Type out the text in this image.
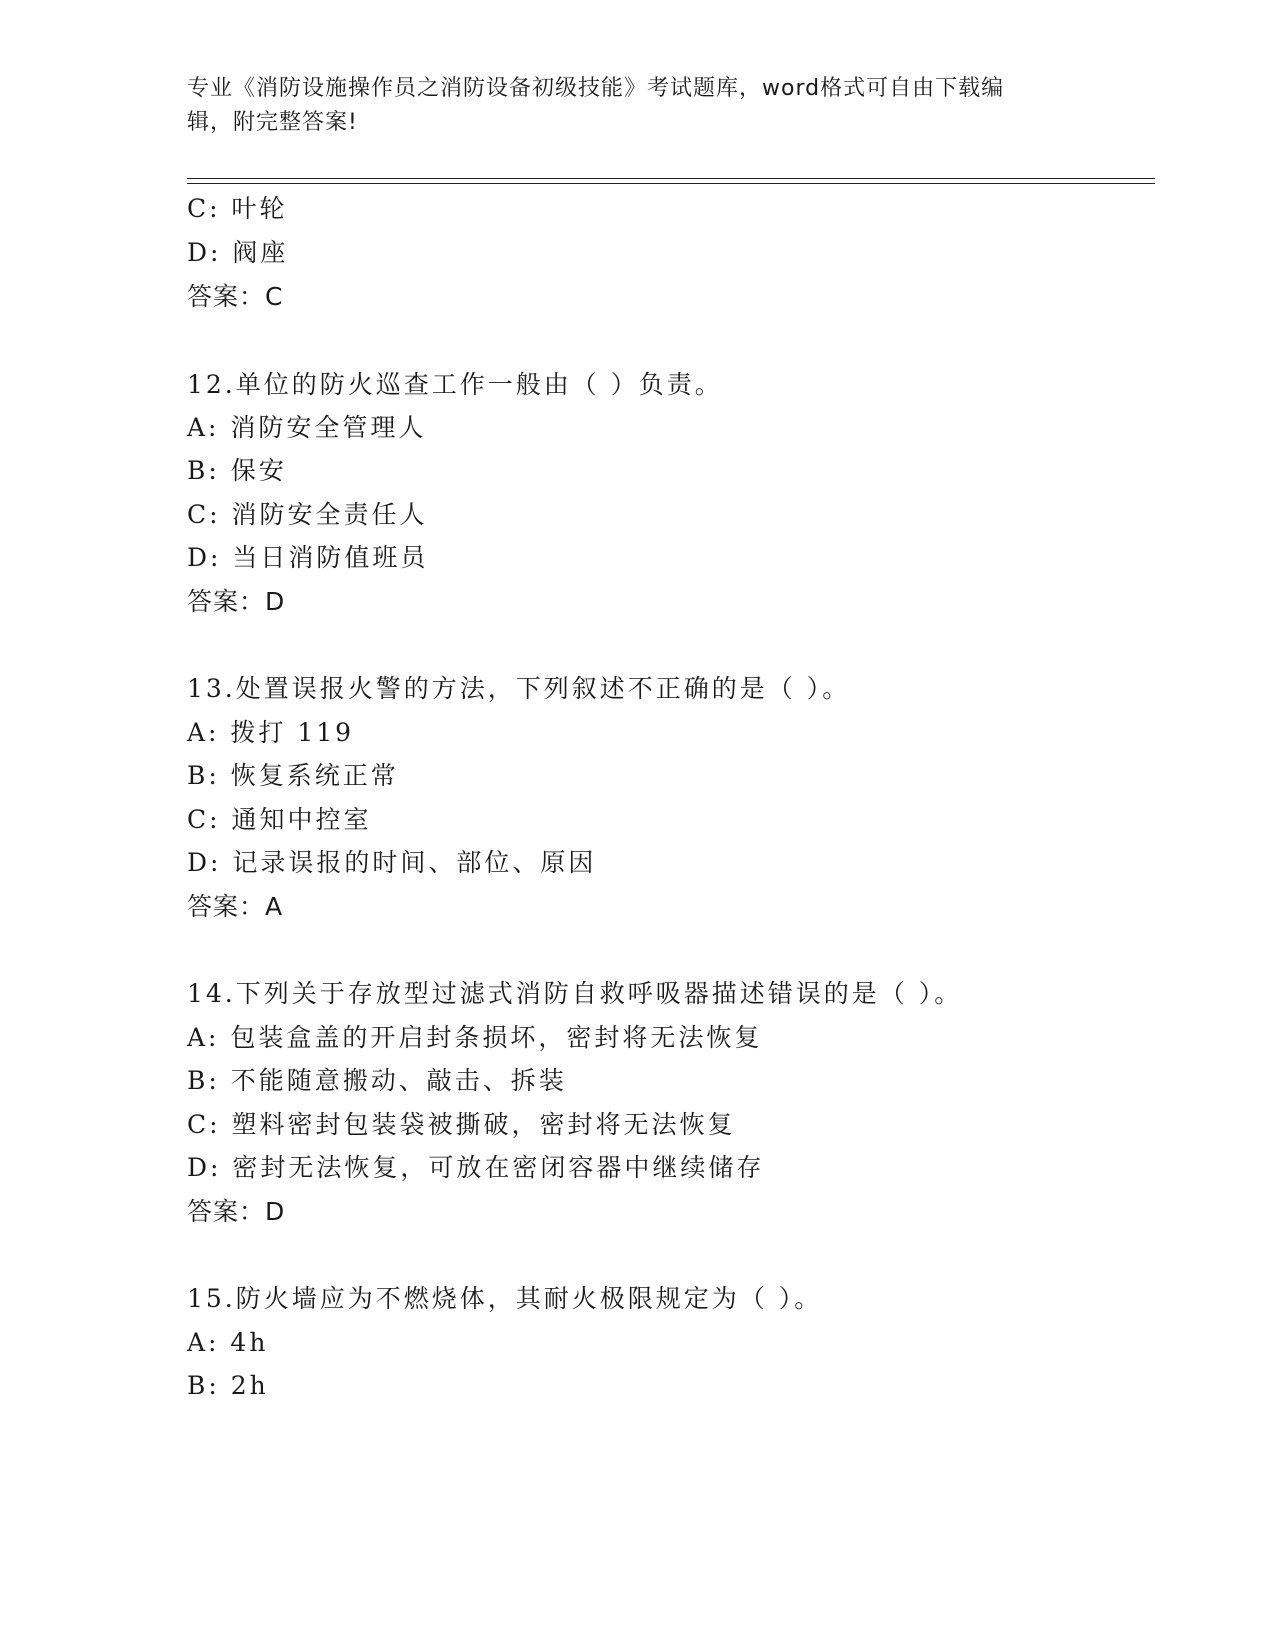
专业《消防设施操作员之消防设备初级技能》考试题库，word格式可自由下载编
辑，附完整答案!
C: 叶轮
D: 阀座
答案：C
12.单位的防火巡查工作一般由（ ）负责。
A: 消防安全管理人
B: 保安
C: 消防安全责任人
D: 当日消防值班员
答案：D
13.处置误报火警的方法，下列叙述不正确的是（ ）。
A: 拨打 119
B: 恢复系统正常
C: 通知中控室
D: 记录误报的时间、部位、原因
答案：A
14.下列关于存放型过滤式消防自救呼吸器描述错误的是（ ）。
A: 包装盒盖的开启封条损坏，密封将无法恢复
B: 不能随意搬动、敲击、拆装
C: 塑料密封包装袋被撕破，密封将无法恢复
D: 密封无法恢复，可放在密闭容器中继续储存
答案：D
15.防火墙应为不燃烧体，其耐火极限规定为（ ）。
A: 4h
B: 2h
